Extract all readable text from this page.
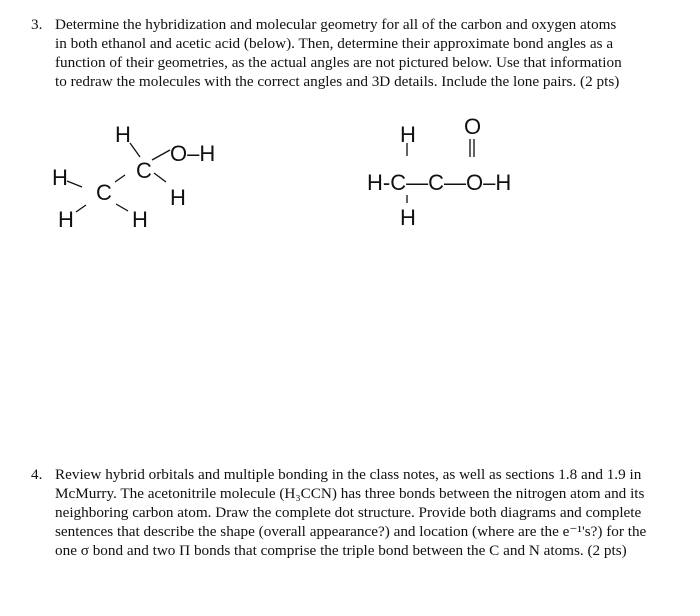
3. Determine the hybridization and molecular geometry for all of the carbon and oxygen atoms
in both ethanol and acetic acid (below). Then, determine their approximate bond angles as a
function of their geometries, as the actual angles are not pictured below. Use that information
to redraw the molecules with the correct angles and 3D details. Include the lone pairs. (2 pts)
H
O–H
H	C
C	H
H	H
O
H
H-C—C—O–H
H
4. Review hybrid orbitals and multiple bonding in the class notes, as well as sections 1.8 and 1.9 in
McMurry. The acetonitrile molecule (H₃CCN) has three bonds between the nitrogen atom and its
neighboring carbon atom. Draw the complete dot structure. Provide both diagrams and complete
sentences that describe the shape (overall appearance?) and location (where are the e⁻¹'s?) for the
one σ bond and two Π bonds that comprise the triple bond between the C and N atoms. (2 pts)
